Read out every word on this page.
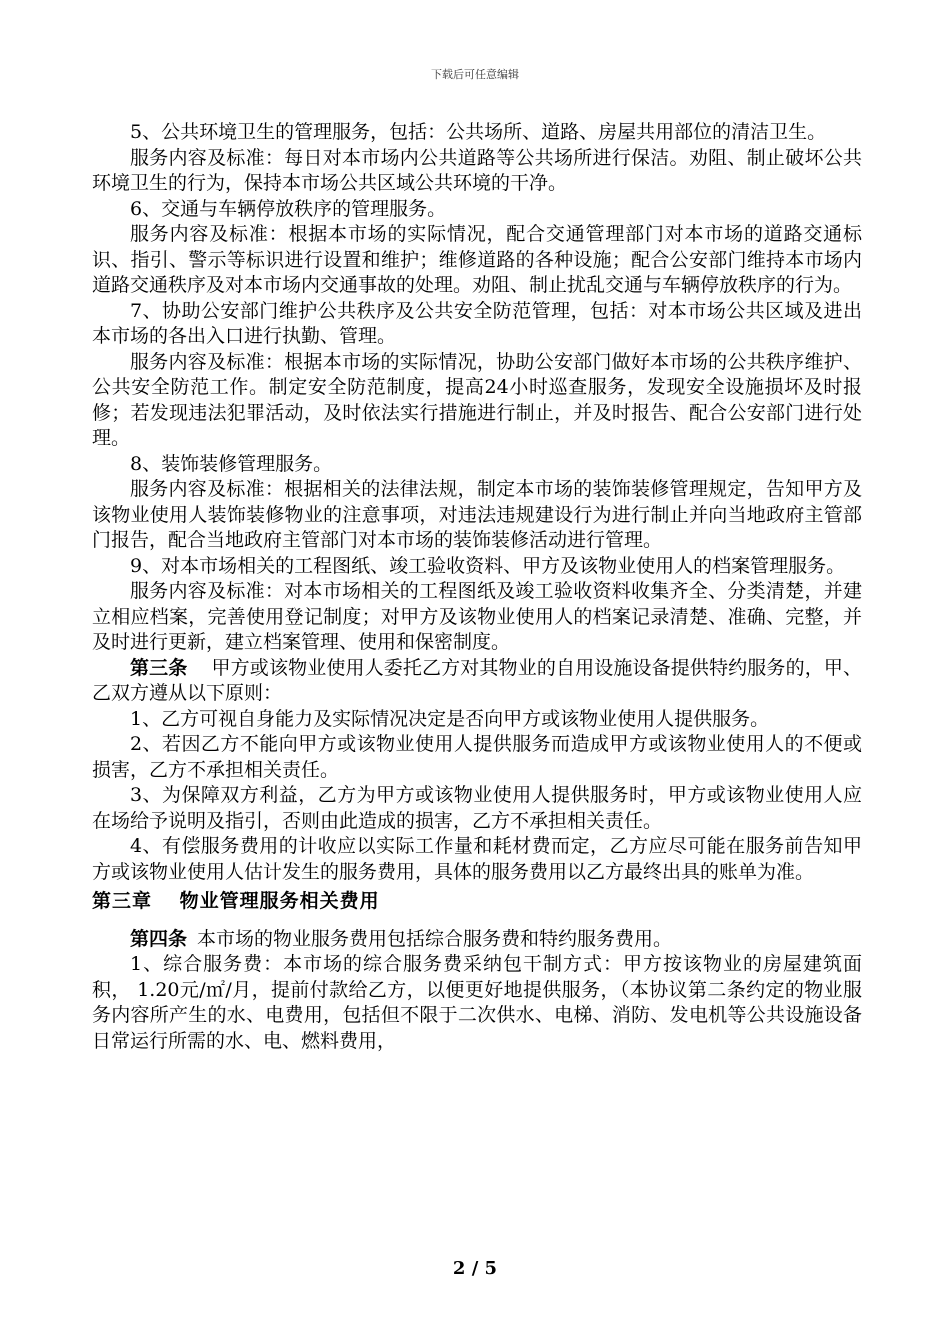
下载后可任意编辑

5、公共环境卫生的管理服务，包括：公共场所、道路、房屋共用部位的清洁卫生。

服务内容及标准：每日对本市场内公共道路等公共场所进行保洁。劝阻、制止破坏公共环境卫生的行为，保持本市场公共区域公共环境的干净。

6、交通与车辆停放秩序的管理服务。

服务内容及标准：根据本市场的实际情况，配合交通管理部门对本市场的道路交通标识、指引、警示等标识进行设置和维护；维修道路的各种设施；配合公安部门维持本市场内道路交通秩序及对本市场内交通事故的处理。劝阻、制止扰乱交通与车辆停放秩序的行为。

7、协助公安部门维护公共秩序及公共安全防范管理，包括：对本市场公共区域及进出本市场的各出入口进行执勤、管理。

服务内容及标准：根据本市场的实际情况，协助公安部门做好本市场的公共秩序维护、公共安全防范工作。制定安全防范制度，提高24小时巡查服务，发现安全设施损坏及时报修；若发现违法犯罪活动，及时依法实行措施进行制止，并及时报告、配合公安部门进行处理。

8、装饰装修管理服务。

服务内容及标准：根据相关的法律法规，制定本市场的装饰装修管理规定，告知甲方及该物业使用人装饰装修物业的注意事项，对违法违规建设行为进行制止并向当地政府主管部门报告，配合当地政府主管部门对本市场的装饰装修活动进行管理。

9、对本市场相关的工程图纸、竣工验收资料、甲方及该物业使用人的档案管理服务。

服务内容及标准：对本市场相关的工程图纸及竣工验收资料收集齐全、分类清楚，并建立相应档案，完善使用登记制度；对甲方及该物业使用人的档案记录清楚、准确、完整，并及时进行更新，建立档案管理、使用和保密制度。

第三条 甲方或该物业使用人委托乙方对其物业的自用设施设备提供特约服务的，甲、乙双方遵从以下原则：

1、乙方可视自身能力及实际情况决定是否向甲方或该物业使用人提供服务。

2、若因乙方不能向甲方或该物业使用人提供服务而造成甲方或该物业使用人的不便或损害，乙方不承担相关责任。

3、为保障双方利益，乙方为甲方或该物业使用人提供服务时，甲方或该物业使用人应在场给予说明及指引，否则由此造成的损害，乙方不承担相关责任。

4、有偿服务费用的计收应以实际工作量和耗材费而定，乙方应尽可能在服务前告知甲方或该物业使用人估计发生的服务费用，具体的服务费用以乙方最终出具的账单为准。

第三章　 物业管理服务相关费用

第四条 本市场的物业服务费用包括综合服务费和特约服务费用。

1、综合服务费：本市场的综合服务费采纳包干制方式：甲方按该物业的房屋建筑面积， 1.20元/㎡/月，提前付款给乙方，以便更好地提供服务，（本协议第二条约定的物业服务内容所产生的水、电费用，包括但不限于二次供水、电梯、消防、发电机等公共设施设备日常运行所需的水、电、燃料费用，

2 / 5
